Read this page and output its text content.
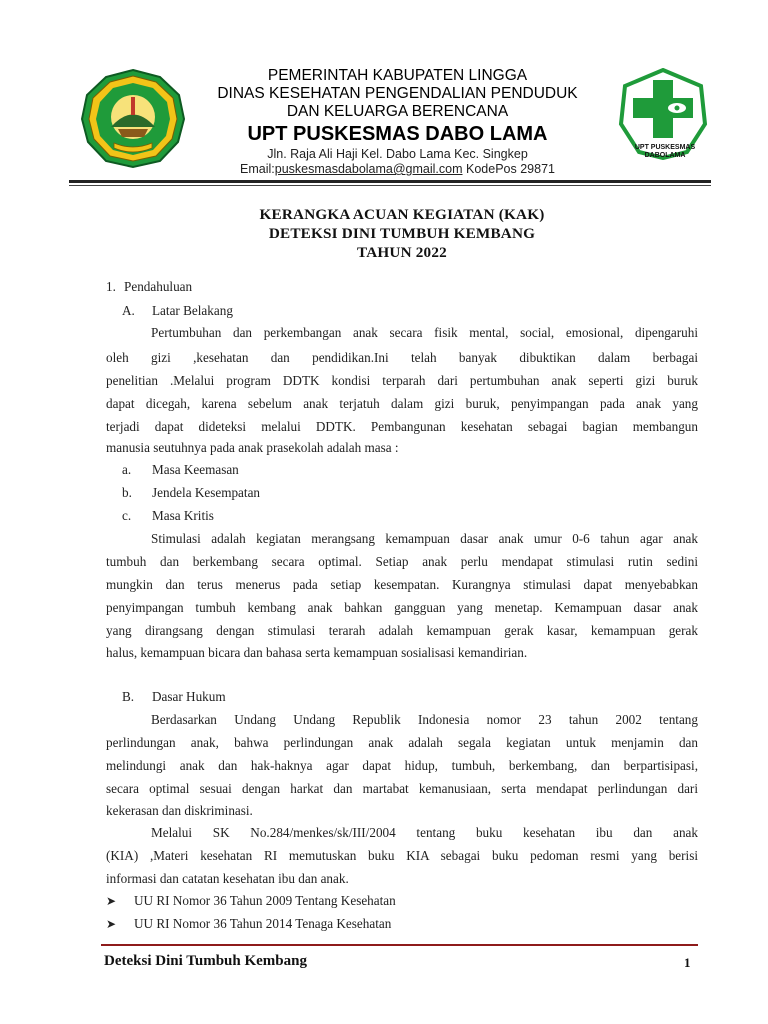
PEMERINTAH KABUPATEN LINGGA
DINAS KESEHATAN PENGENDALIAN PENDUDUK
DAN KELUARGA BERENCANA
UPT PUSKESMAS DABO LAMA
Jln. Raja Ali Haji Kel. Dabo Lama Kec. Singkep
Email:puskesmasdabolama@gmail.com KodePos 29871
UPT PUSKESMAS
DABOLAMA
KERANGKA ACUAN KEGIATAN (KAK)
DETEKSI DINI TUMBUH KEMBANG
TAHUN 2022
1. Pendahuluan
A. Latar Belakang
Pertumbuhan dan perkembangan anak secara fisik mental, social, emosional, dipengaruhi
oleh gizi ,kesehatan dan pendidikan.Ini telah banyak dibuktikan dalam berbagai
penelitian .Melalui program DDTK kondisi terparah dari pertumbuhan anak seperti gizi buruk
dapat dicegah, karena sebelum anak terjatuh dalam gizi buruk, penyimpangan pada anak yang
terjadi dapat dideteksi melalui DDTK. Pembangunan kesehatan sebagai bagian membangun
manusia seutuhnya pada anak prasekolah adalah masa :
a. Masa Keemasan
b. Jendela Kesempatan
c. Masa Kritis
Stimulasi adalah kegiatan merangsang kemampuan dasar anak umur 0-6 tahun agar anak
tumbuh dan berkembang secara optimal. Setiap anak perlu mendapat stimulasi rutin sedini
mungkin dan terus menerus pada setiap kesempatan. Kurangnya stimulasi dapat menyebabkan
penyimpangan tumbuh kembang anak bahkan gangguan yang menetap. Kemampuan dasar anak
yang dirangsang dengan stimulasi terarah adalah kemampuan gerak kasar, kemampuan gerak
halus, kemampuan bicara dan bahasa serta kemampuan sosialisasi kemandirian.
B. Dasar Hukum
Berdasarkan Undang Undang Republik Indonesia nomor 23 tahun 2002 tentang
perlindungan anak, bahwa perlindungan anak adalah segala kegiatan untuk menjamin dan
melindungi anak dan hak-haknya agar dapat hidup, tumbuh, berkembang, dan berpartisipasi,
secara optimal sesuai dengan harkat dan martabat kemanusiaan, serta mendapat perlindungan dari
kekerasan dan diskriminasi.
Melalui SK No.284/menkes/sk/III/2004 tentang buku kesehatan ibu dan anak
(KIA) ,Materi kesehatan RI memutuskan buku KIA sebagai buku pedoman resmi yang berisi
informasi dan catatan kesehatan ibu dan anak.
➤ UU RI Nomor 36 Tahun 2009 Tentang Kesehatan
➤ UU RI Nomor 36 Tahun 2014 Tenaga Kesehatan
Deteksi Dini Tumbuh Kembang	1
